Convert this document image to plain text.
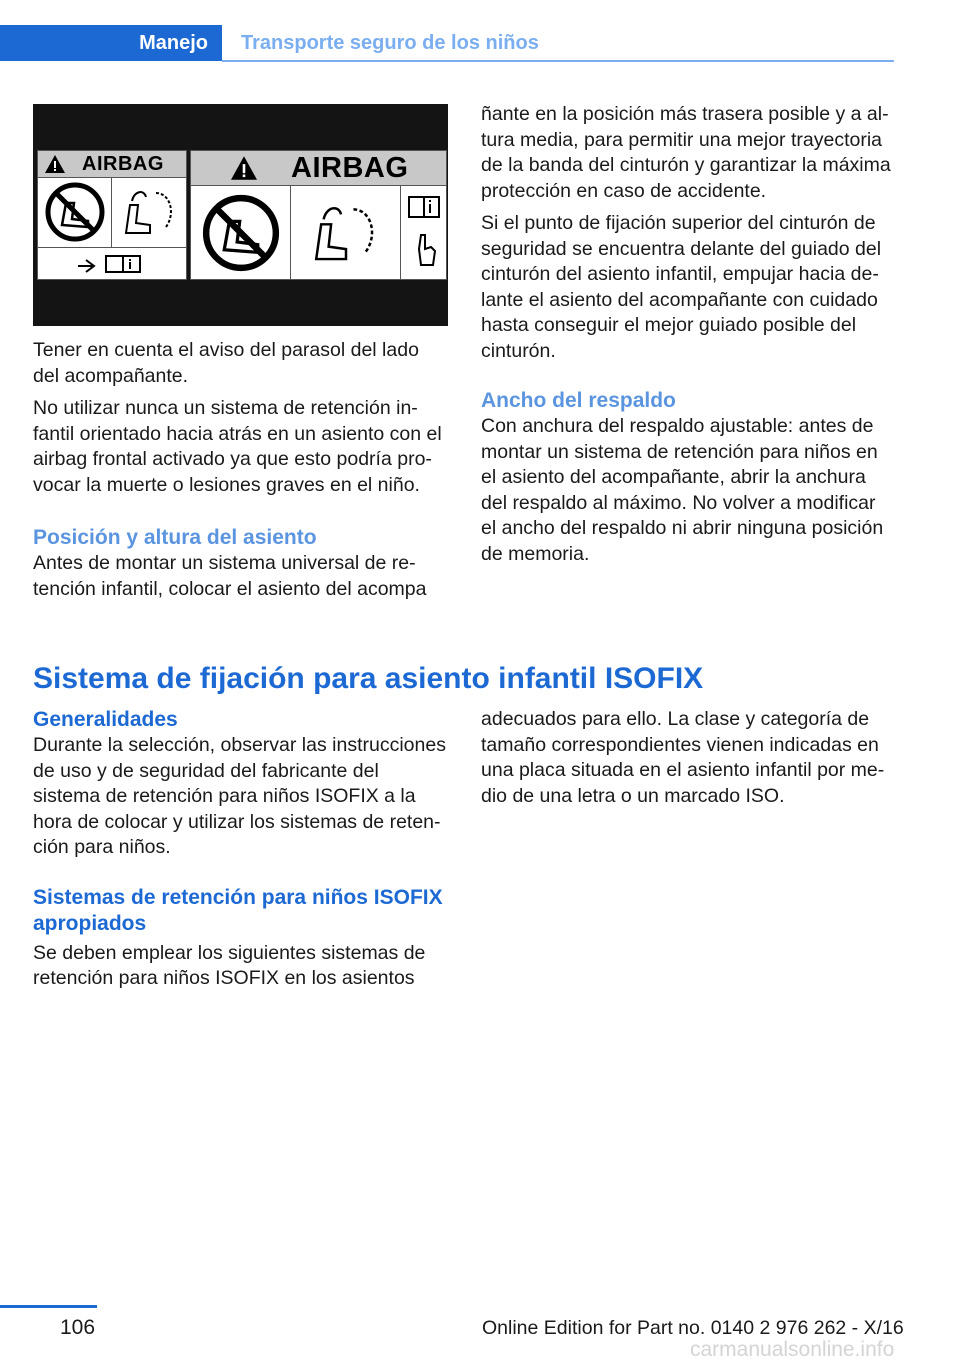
Manejo	Transporte seguro de los niños
AIRBAG	AIRBAG

Tener en cuenta el aviso del parasol del lado del acompañante.

No utilizar nunca un sistema de retención infantil orientado hacia atrás en un asiento con el airbag frontal activado ya que esto podría provocar la muerte o lesiones graves en el niño.

Posición y altura del asiento

Antes de montar un sistema universal de retención infantil, colocar el asiento del acompa

ñante en la posición más trasera posible y a altura media, para permitir una mejor trayectoria de la banda del cinturón y garantizar la máxima protección en caso de accidente.

Si el punto de fijación superior del cinturón de seguridad se encuentra delante del guiado del cinturón del asiento infantil, empujar hacia delante el asiento del acompañante con cuidado hasta conseguir el mejor guiado posible del cinturón.

Ancho del respaldo

Con anchura del respaldo ajustable: antes de montar un sistema de retención para niños en el asiento del acompañante, abrir la anchura del respaldo al máximo. No volver a modificar el ancho del respaldo ni abrir ninguna posición de memoria.

Sistema de fijación para asiento infantil ISOFIX
Generalidades

Durante la selección, observar las instrucciones de uso y de seguridad del fabricante del sistema de retención para niños ISOFIX a la hora de colocar y utilizar los sistemas de retención para niños.

Sistemas de retención para niños ISOFIX apropiados

Se deben emplear los siguientes sistemas de retención para niños ISOFIX en los asientos

adecuados para ello. La clase y categoría de tamaño correspondientes vienen indicadas en una placa situada en el asiento infantil por medio de una letra o un marcado ISO.

106	Online Edition for Part no. 0140 2 976 262 - X/16
carmanualsonline.info
